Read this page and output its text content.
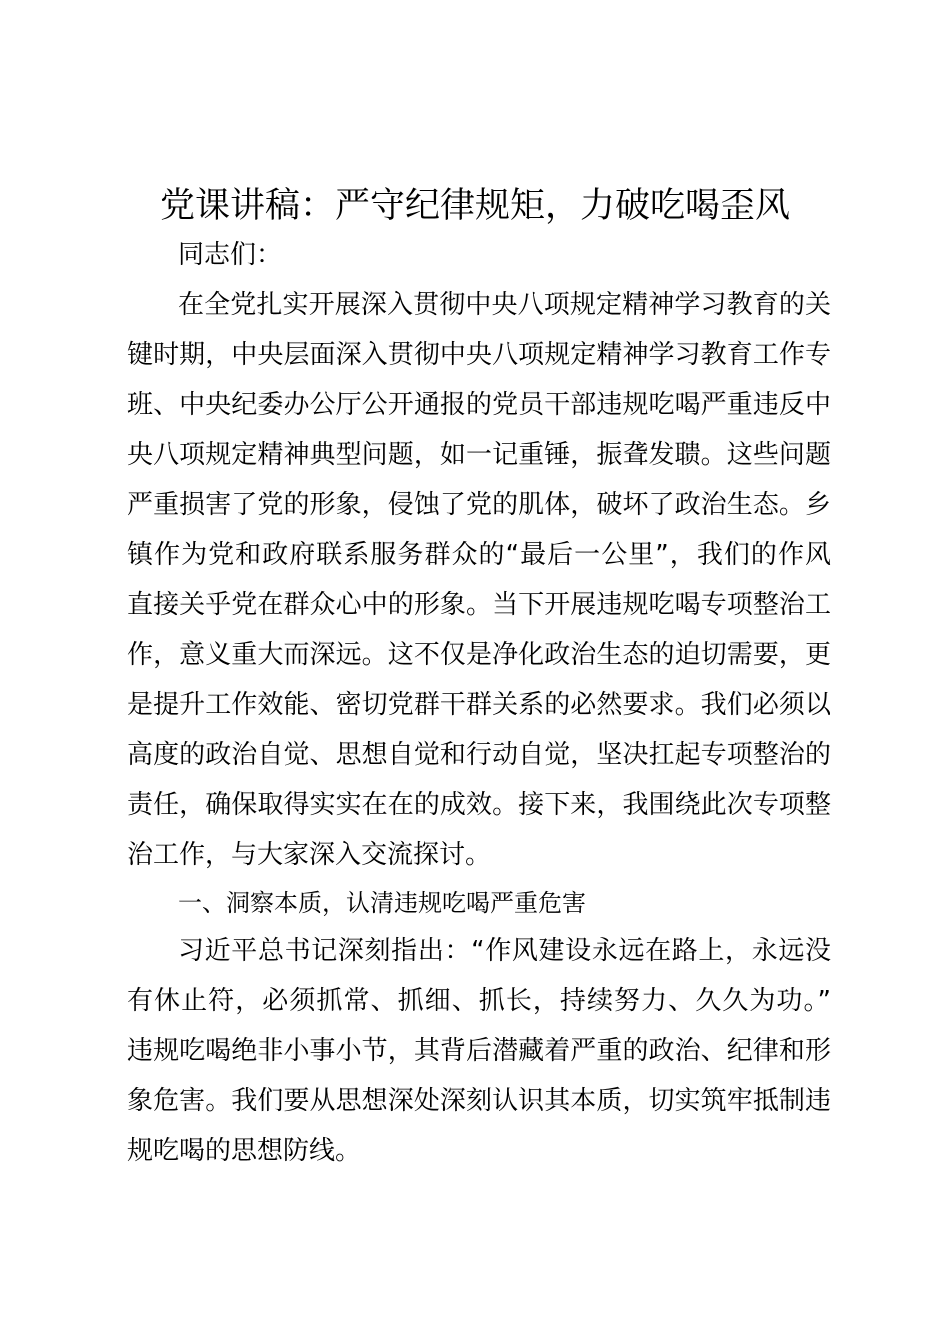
党课讲稿：严守纪律规矩，力破吃喝歪风
同志们：
在全党扎实开展深入贯彻中央八项规定精神学习教育的关
键时期，中央层面深入贯彻中央八项规定精神学习教育工作专
班、中央纪委办公厅公开通报的党员干部违规吃喝严重违反中
央八项规定精神典型问题，如一记重锤，振聋发聩。这些问题
严重损害了党的形象，侵蚀了党的肌体，破坏了政治生态。乡
镇作为党和政府联系服务群众的“最后一公里”，我们的作风
直接关乎党在群众心中的形象。当下开展违规吃喝专项整治工
作，意义重大而深远。这不仅是净化政治生态的迫切需要，更
是提升工作效能、密切党群干群关系的必然要求。我们必须以
高度的政治自觉、思想自觉和行动自觉，坚决扛起专项整治的
责任，确保取得实实在在的成效。接下来，我围绕此次专项整
治工作，与大家深入交流探讨。
一、洞察本质，认清违规吃喝严重危害
习近平总书记深刻指出：“作风建设永远在路上，永远没
有休止符，必须抓常、抓细、抓长，持续努力、久久为功。”
违规吃喝绝非小事小节，其背后潜藏着严重的政治、纪律和形
象危害。我们要从思想深处深刻认识其本质，切实筑牢抵制违
规吃喝的思想防线。
